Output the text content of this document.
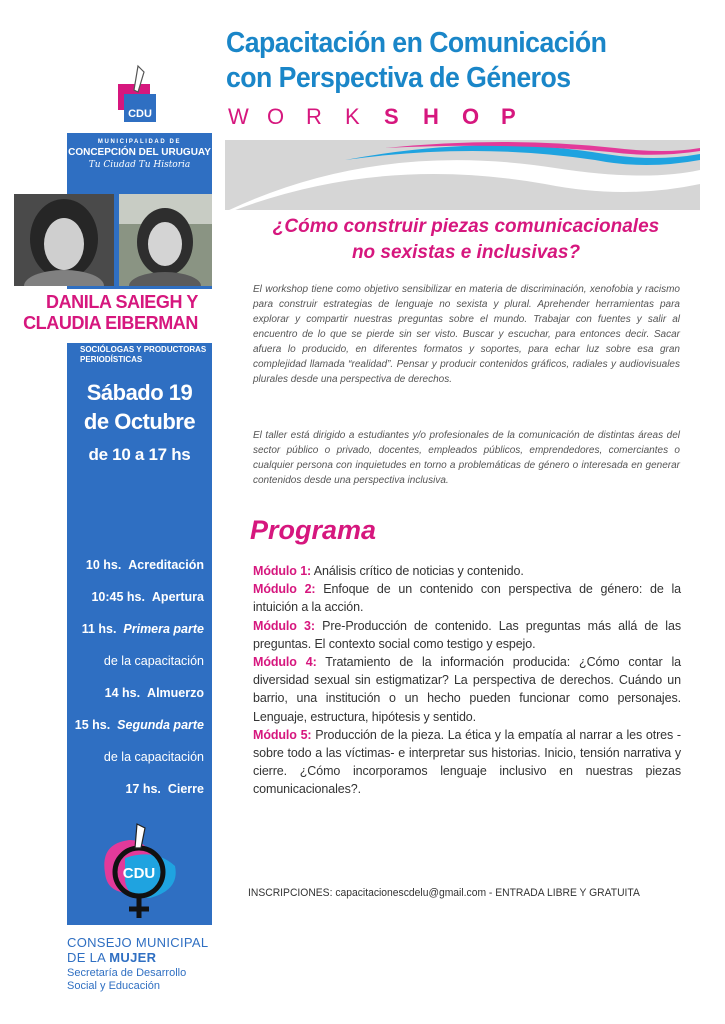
Capacitación en Comunicación
con Perspectiva de Géneros
W O R K S H O P
CDU
MUNICIPALIDAD DE
CONCEPCIÓN DEL URUGUAY
Tu Ciudad Tu Historia
DANILA SAIEGH Y
CLAUDIA EIBERMAN
SOCIÓLOGAS Y PRODUCTORAS
PERIODÍSTICAS
Sábado 19
de Octubre
de 10 a 17 hs
10 hs. Acreditación
10:45 hs. Apertura
11 hs. Primera parte
de la capacitación
14 hs. Almuerzo
15 hs. Segunda parte
de la capacitación
17 hs. Cierre
CDU
CONSEJO MUNICIPAL
DE LA MUJER
Secretaría de Desarrollo
Social y Educación
¿Cómo construir piezas comunicacionales
no sexistas e inclusivas?
El workshop tiene como objetivo sensibilizar en materia de discriminación, xenofobia y racismo para construir estrategias de lenguaje no sexista y plural. Aprehender herramientas para explorar y compartir nuestras preguntas sobre el mundo. Trabajar con fuentes y salir al encuentro de lo que se pierde sin ser visto. Buscar y escuchar, para entonces decir. Sacar afuera lo producido, en diferentes formatos y soportes, para echar luz sobre esa gran complejidad llamada “realidad”. Pensar y producir contenidos gráficos, radiales y audiovisuales plurales desde una perspectiva de derechos.
El taller está dirigido a estudiantes y/o profesionales de la comunicación de distintas áreas del sector público o privado, docentes, empleados públicos, emprendedores, comerciantes o cualquier persona con inquietudes en torno a problemáticas de género o interesada en generar contenidos desde una perspectiva inclusiva.
Programa

Módulo 1: Análisis crítico de noticias y contenido.

Módulo 2: Enfoque de un contenido con perspectiva de género: de la intuición a la acción.

Módulo 3: Pre-Producción de contenido. Las preguntas más allá de las preguntas. El contexto social como testigo y espejo.

Módulo 4: Tratamiento de la información producida: ¿Cómo contar la diversidad sexual sin estigmatizar? La perspectiva de derechos. Cuándo un barrio, una institución o un hecho pueden funcionar como personajes. Lenguaje, estructura, hipótesis y sentido.

Módulo 5: Producción de la pieza. La ética y la empatía al narrar a les otres -sobre todo a las víctimas- e interpretar sus historias. Inicio, tensión narrativa y cierre. ¿Cómo incorporamos lenguaje inclusivo en nuestras piezas comunicacionales?.

INSCRIPCIONES: capacitacionescdelu@gmail.com - ENTRADA LIBRE Y GRATUITA
